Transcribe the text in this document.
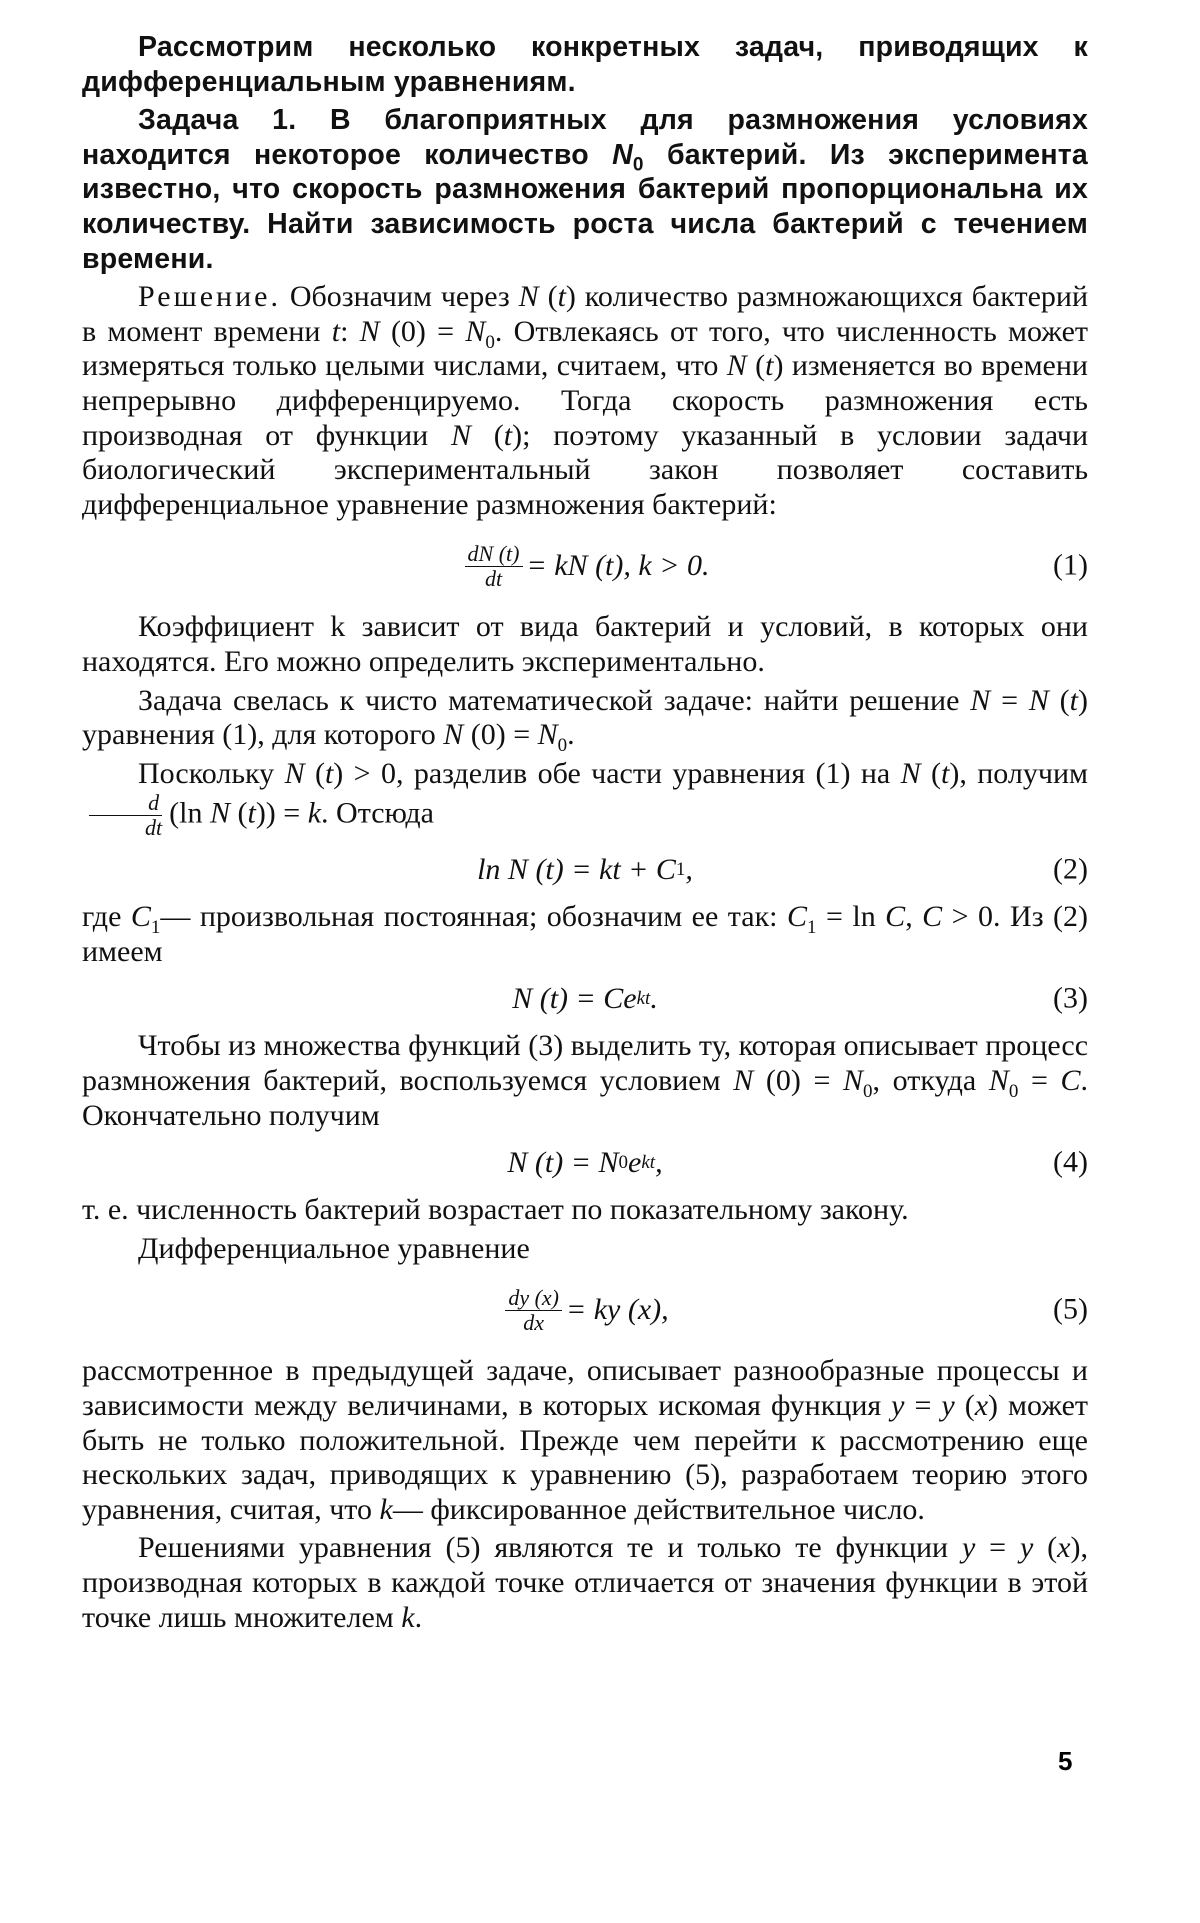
Рассмотрим несколько конкретных задач, приводящих к дифференциальным уравнениям.

Задача 1. В благоприятных для размножения условиях находится некоторое количество $N_0$ бактерий. Из эксперимента известно, что скорость размножения бактерий пропорциональна их количеству. Найти зависимость роста числа бактерий с течением времени.

Решение. Обозначим через N (t) количество размножающихся бактерий в момент времени t: N $(0) = N_0$. Отвлекаясь от того, что численность может измеряться только целыми числами, считаем, что N (t) изменяется во времени непрерывно дифференцируемо. Тогда скорость размножения есть производная от функции N (t); поэтому указанный в условии задачи биологический экспериментальный закон позволяет составить дифференциальное уравнение размножения бактерий:

$\frac{dN (t)}{dt}$ = kN (t), k > 0.	(1)

Коэффициент k зависит от вида бактерий и условий, в которых они находятся. Его можно определить экспериментально.

Задача свелась к чисто математической задаче: найти решение N = N (t) уравнения (1), для которого N $(0) = N_0$.

Поскольку N (t) > 0, разделив обе части уравнения (1) на N (t), получим
$\frac{d}{dt} (\ln$ N (t)) = k. Отсюда

ln N (t) = kt + C 1 ,	(2)

где $C_1—$ произвольная постоянная; обозначим ее так: $C_1 = \ln C$, C > 0. Из (2) имеем

N (t) = Ce kt .	(3)

Чтобы из множества функций (3) выделить ту, которая описывает процесс размножения бактерий, воспользуемся условием N $(0) = N_0$, откуда $N_0 = C$. Окончательно получим

N (t) = N 0 e kt ,	(4)

т. е. численность бактерий возрастает по показательному закону.

Дифференциальное уравнение

$\frac{dy (x)}{dx}$ = ky (x),	(5)

рассмотренное в предыдущей задаче, описывает разнообразные процессы и зависимости между величинами, в которых искомая функция y = y (x) может быть не только положительной. Прежде чем перейти к рассмотрению еще нескольких задач, приводящих к уравнению (5), разработаем теорию этого уравнения, считая, что k— фиксированное действительное число.

Решениями уравнения (5) являются те и только те функции y = y (x), производная которых в каждой точке отличается от значения функции в этой точке лишь множителем k.

5
